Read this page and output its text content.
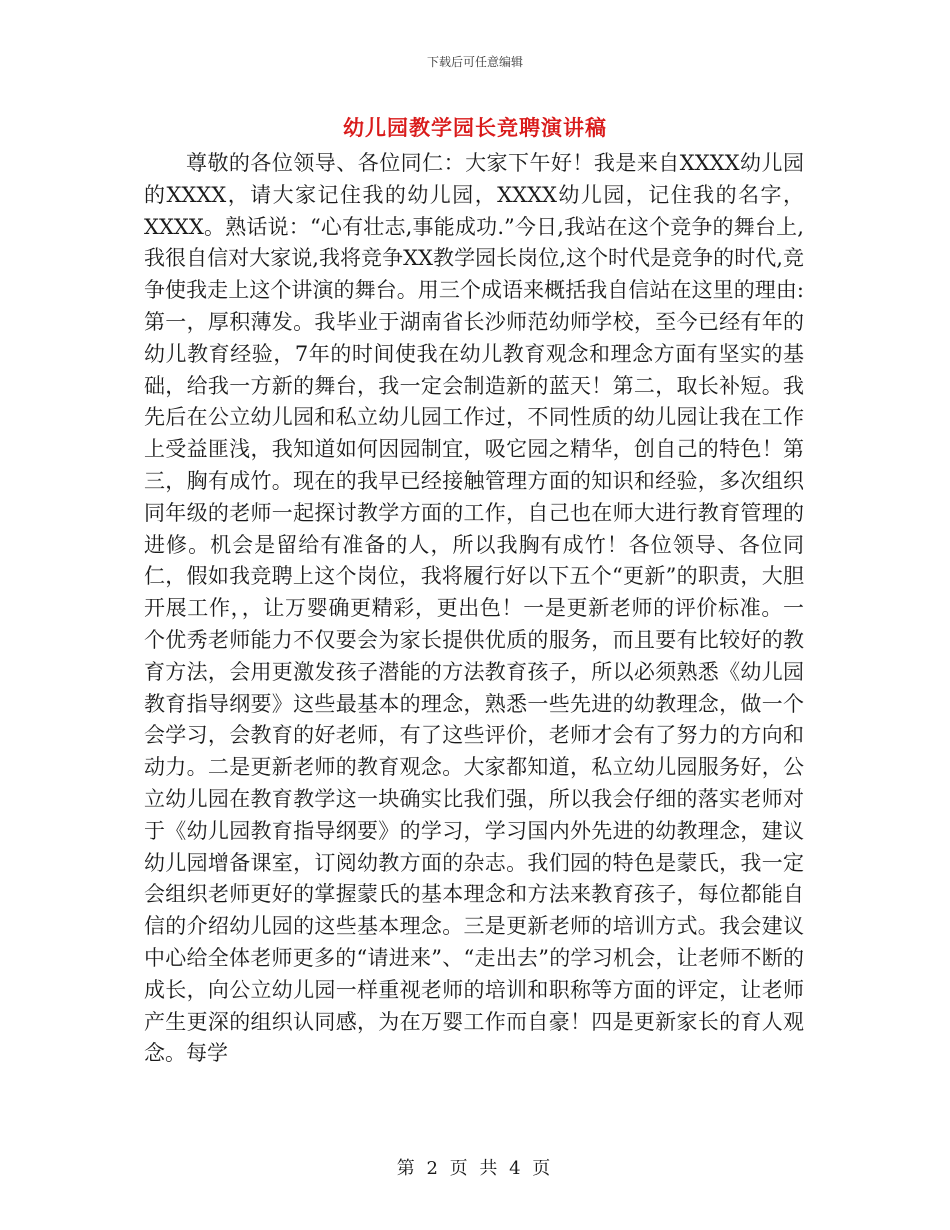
下载后可任意编辑
幼儿园教学园长竞聘演讲稿

尊敬的各位领导、各位同仁：大家下午好！我是来自XXXX幼儿园的XXXX，请大家记住我的幼儿园，XXXX幼儿园，记住我的名字，XXXX。熟话说：“心有壮志,事能成功.”今日,我站在这个竞争的舞台上,我很自信对大家说,我将竞争XX教学园长岗位,这个时代是竞争的时代,竞争使我走上这个讲演的舞台。用三个成语来概括我自信站在这里的理由:第一，厚积薄发。我毕业于湖南省长沙师范幼师学校，至今已经有年的幼儿教育经验，7年的时间使我在幼儿教育观念和理念方面有坚实的基础，给我一方新的舞台，我一定会制造新的蓝天！第二，取长补短。我先后在公立幼儿园和私立幼儿园工作过，不同性质的幼儿园让我在工作上受益匪浅，我知道如何因园制宜，吸它园之精华，创自己的特色！第三，胸有成竹。现在的我早已经接触管理方面的知识和经验，多次组织同年级的老师一起探讨教学方面的工作，自己也在师大进行教育管理的进修。机会是留给有准备的人，所以我胸有成竹！各位领导、各位同仁，假如我竞聘上这个岗位，我将履行好以下五个“更新”的职责，大胆开展工作，，让万婴确更精彩，更出色！一是更新老师的评价标准。一个优秀老师能力不仅要会为家长提供优质的服务，而且要有比较好的教育方法，会用更激发孩子潜能的方法教育孩子，所以必须熟悉《幼儿园教育指导纲要》这些最基本的理念，熟悉一些先进的幼教理念，做一个会学习，会教育的好老师，有了这些评价，老师才会有了努力的方向和动力。二是更新老师的教育观念。大家都知道，私立幼儿园服务好，公立幼儿园在教育教学这一块确实比我们强，所以我会仔细的落实老师对于《幼儿园教育指导纲要》的学习，学习国内外先进的幼教理念，建议幼儿园增备课室，订阅幼教方面的杂志。我们园的特色是蒙氏，我一定会组织老师更好的掌握蒙氏的基本理念和方法来教育孩子，每位都能自信的介绍幼儿园的这些基本理念。三是更新老师的培训方式。我会建议中心给全体老师更多的“请进来”、“走出去”的学习机会，让老师不断的成长，向公立幼儿园一样重视老师的培训和职称等方面的评定，让老师产生更深的组织认同感，为在万婴工作而自豪！四是更新家长的育人观念。每学

第 2 页 共 4 页
